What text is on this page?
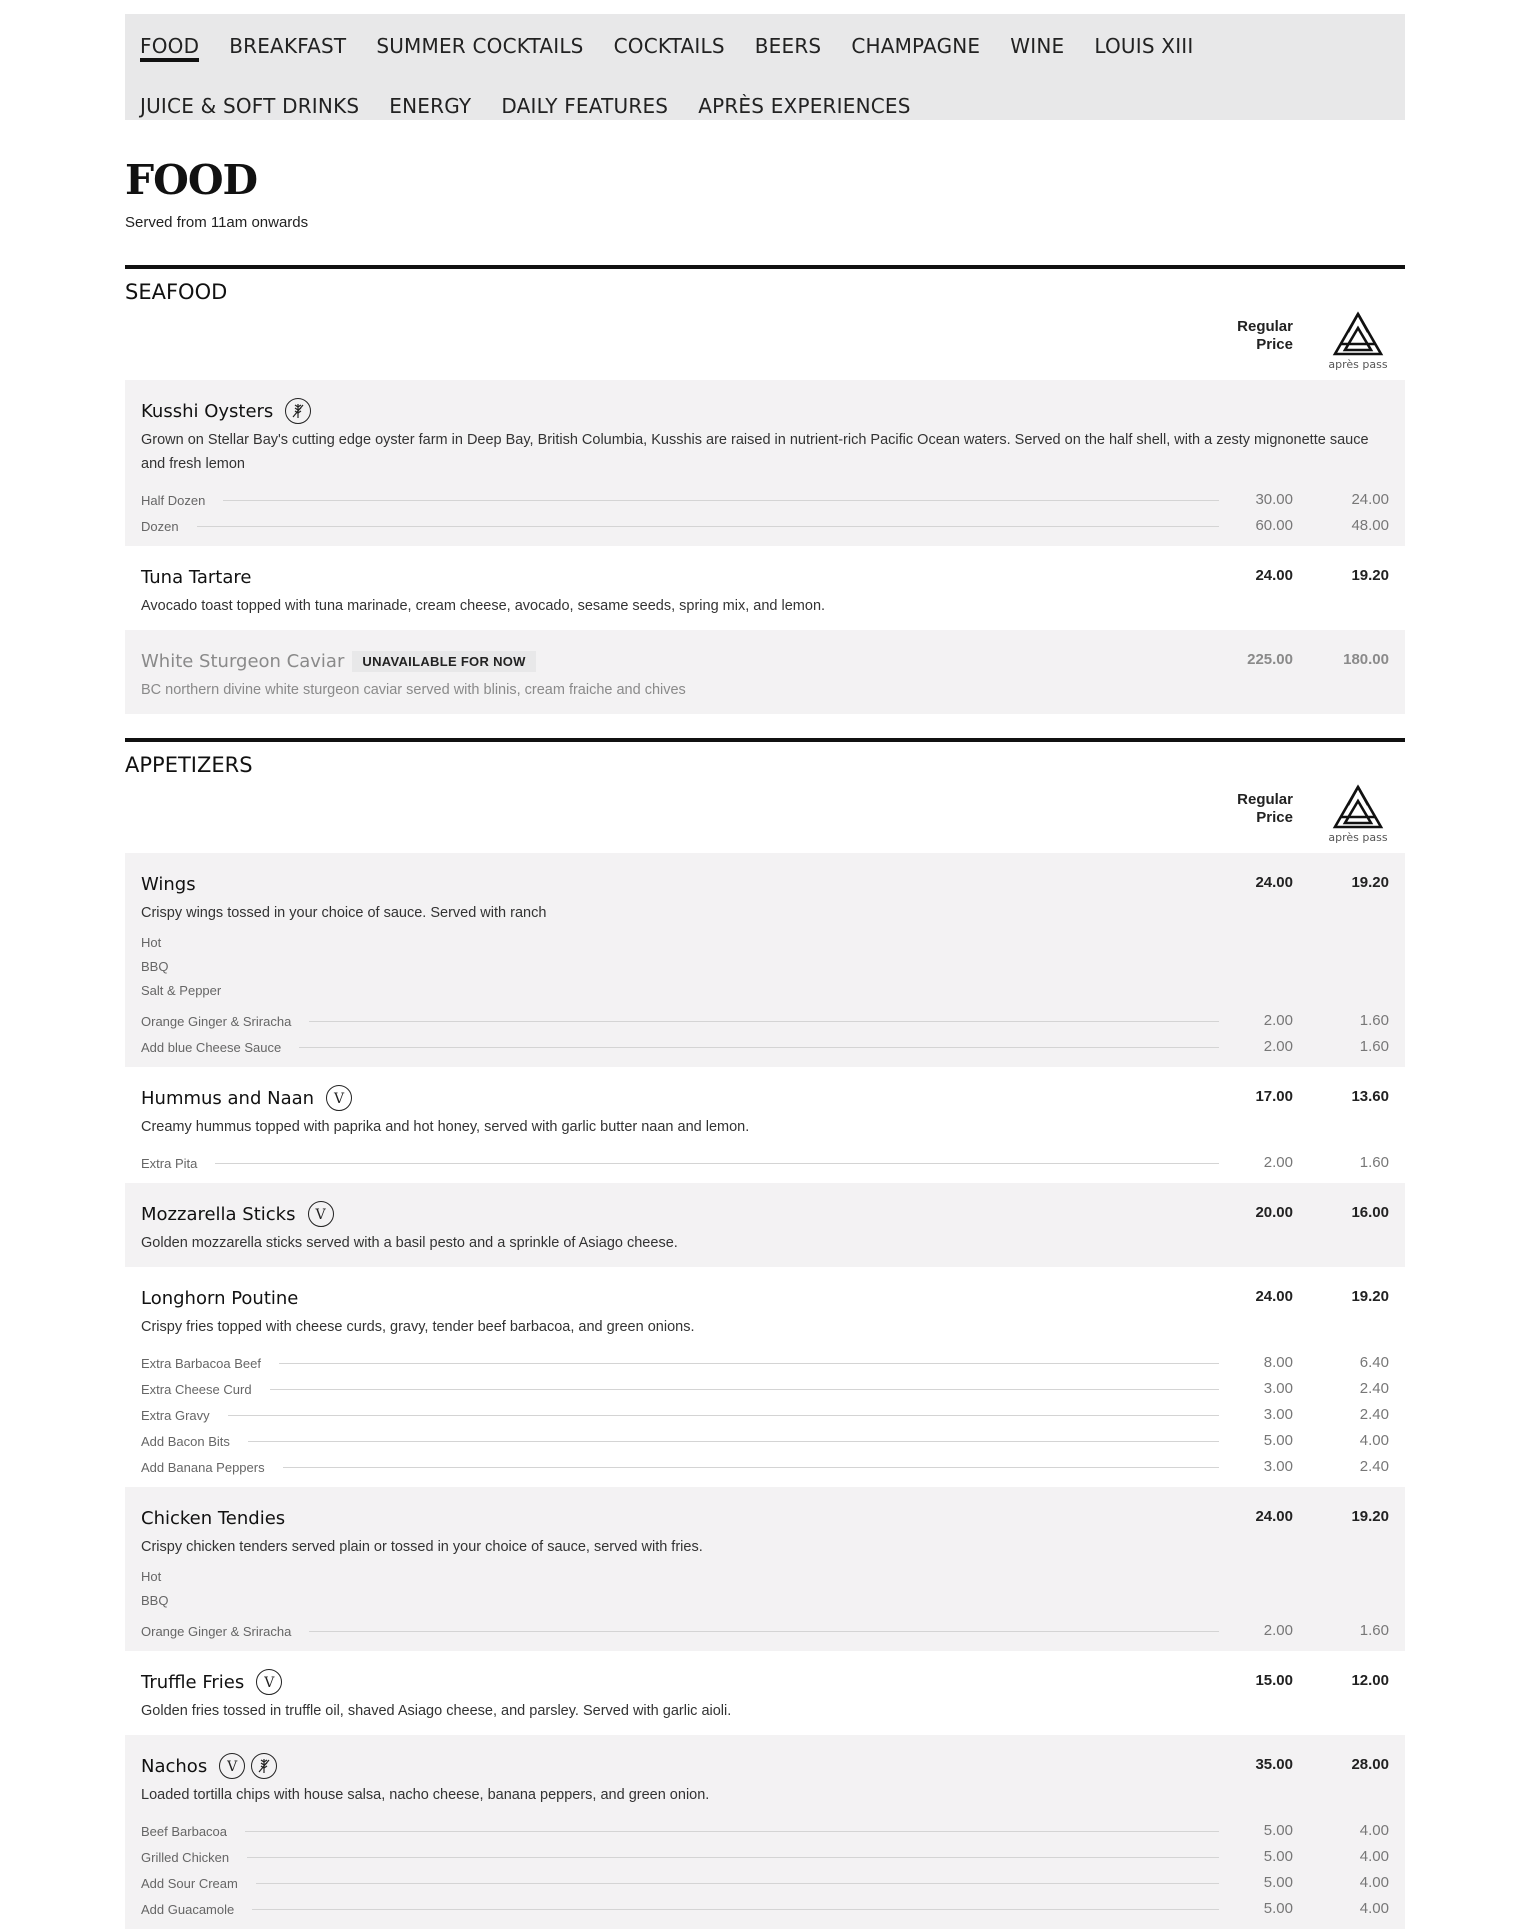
FOOD BREAKFAST SUMMER COCKTAILS COCKTAILS BEERS CHAMPAGNE WINE LOUIS XIII
JUICE & SOFT DRINKS ENERGY DAILY FEATURES APRÈS EXPERIENCES
FOOD
Served from 11am onwards
SEAFOOD
Regular
Price
après pass
Kusshi Oysters
Grown on Stellar Bay's cutting edge oyster farm in Deep Bay, British Columbia, Kusshis are raised in nutrient-rich Pacific Ocean waters. Served on the half shell, with a zesty mignonette sauce and fresh lemon
Half Dozen	30.00	24.00
Dozen	60.00	48.00
Tuna Tartare	24.00	19.20
Avocado toast topped with tuna marinade, cream cheese, avocado, sesame seeds, spring mix, and lemon.
White Sturgeon Caviar	UNAVAILABLE FOR NOW	225.00	180.00
BC northern divine white sturgeon caviar served with blinis, cream fraiche and chives
APPETIZERS
Regular
Price
après pass
Wings	24.00	19.20
Crispy wings tossed in your choice of sauce. Served with ranch
Hot
BBQ
Salt & Pepper
Orange Ginger & Sriracha	2.00	1.60
Add blue Cheese Sauce	2.00	1.60
Hummus and Naan	V	17.00	13.60
Creamy hummus topped with paprika and hot honey, served with garlic butter naan and lemon.
Extra Pita	2.00	1.60
Mozzarella Sticks	V	20.00	16.00
Golden mozzarella sticks served with a basil pesto and a sprinkle of Asiago cheese.
Longhorn Poutine	24.00	19.20
Crispy fries topped with cheese curds, gravy, tender beef barbacoa, and green onions.
Extra Barbacoa Beef	8.00	6.40
Extra Cheese Curd	3.00	2.40
Extra Gravy	3.00	2.40
Add Bacon Bits	5.00	4.00
Add Banana Peppers	3.00	2.40
Chicken Tendies	24.00	19.20
Crispy chicken tenders served plain or tossed in your choice of sauce, served with fries.
Hot
BBQ
Orange Ginger & Sriracha	2.00	1.60
Truffle Fries	V	15.00	12.00
Golden fries tossed in truffle oil, shaved Asiago cheese, and parsley. Served with garlic aioli.
Nachos	V	35.00	28.00
Loaded tortilla chips with house salsa, nacho cheese, banana peppers, and green onion.
Beef Barbacoa	5.00	4.00
Grilled Chicken	5.00	4.00
Add Sour Cream	5.00	4.00
Add Guacamole	5.00	4.00
